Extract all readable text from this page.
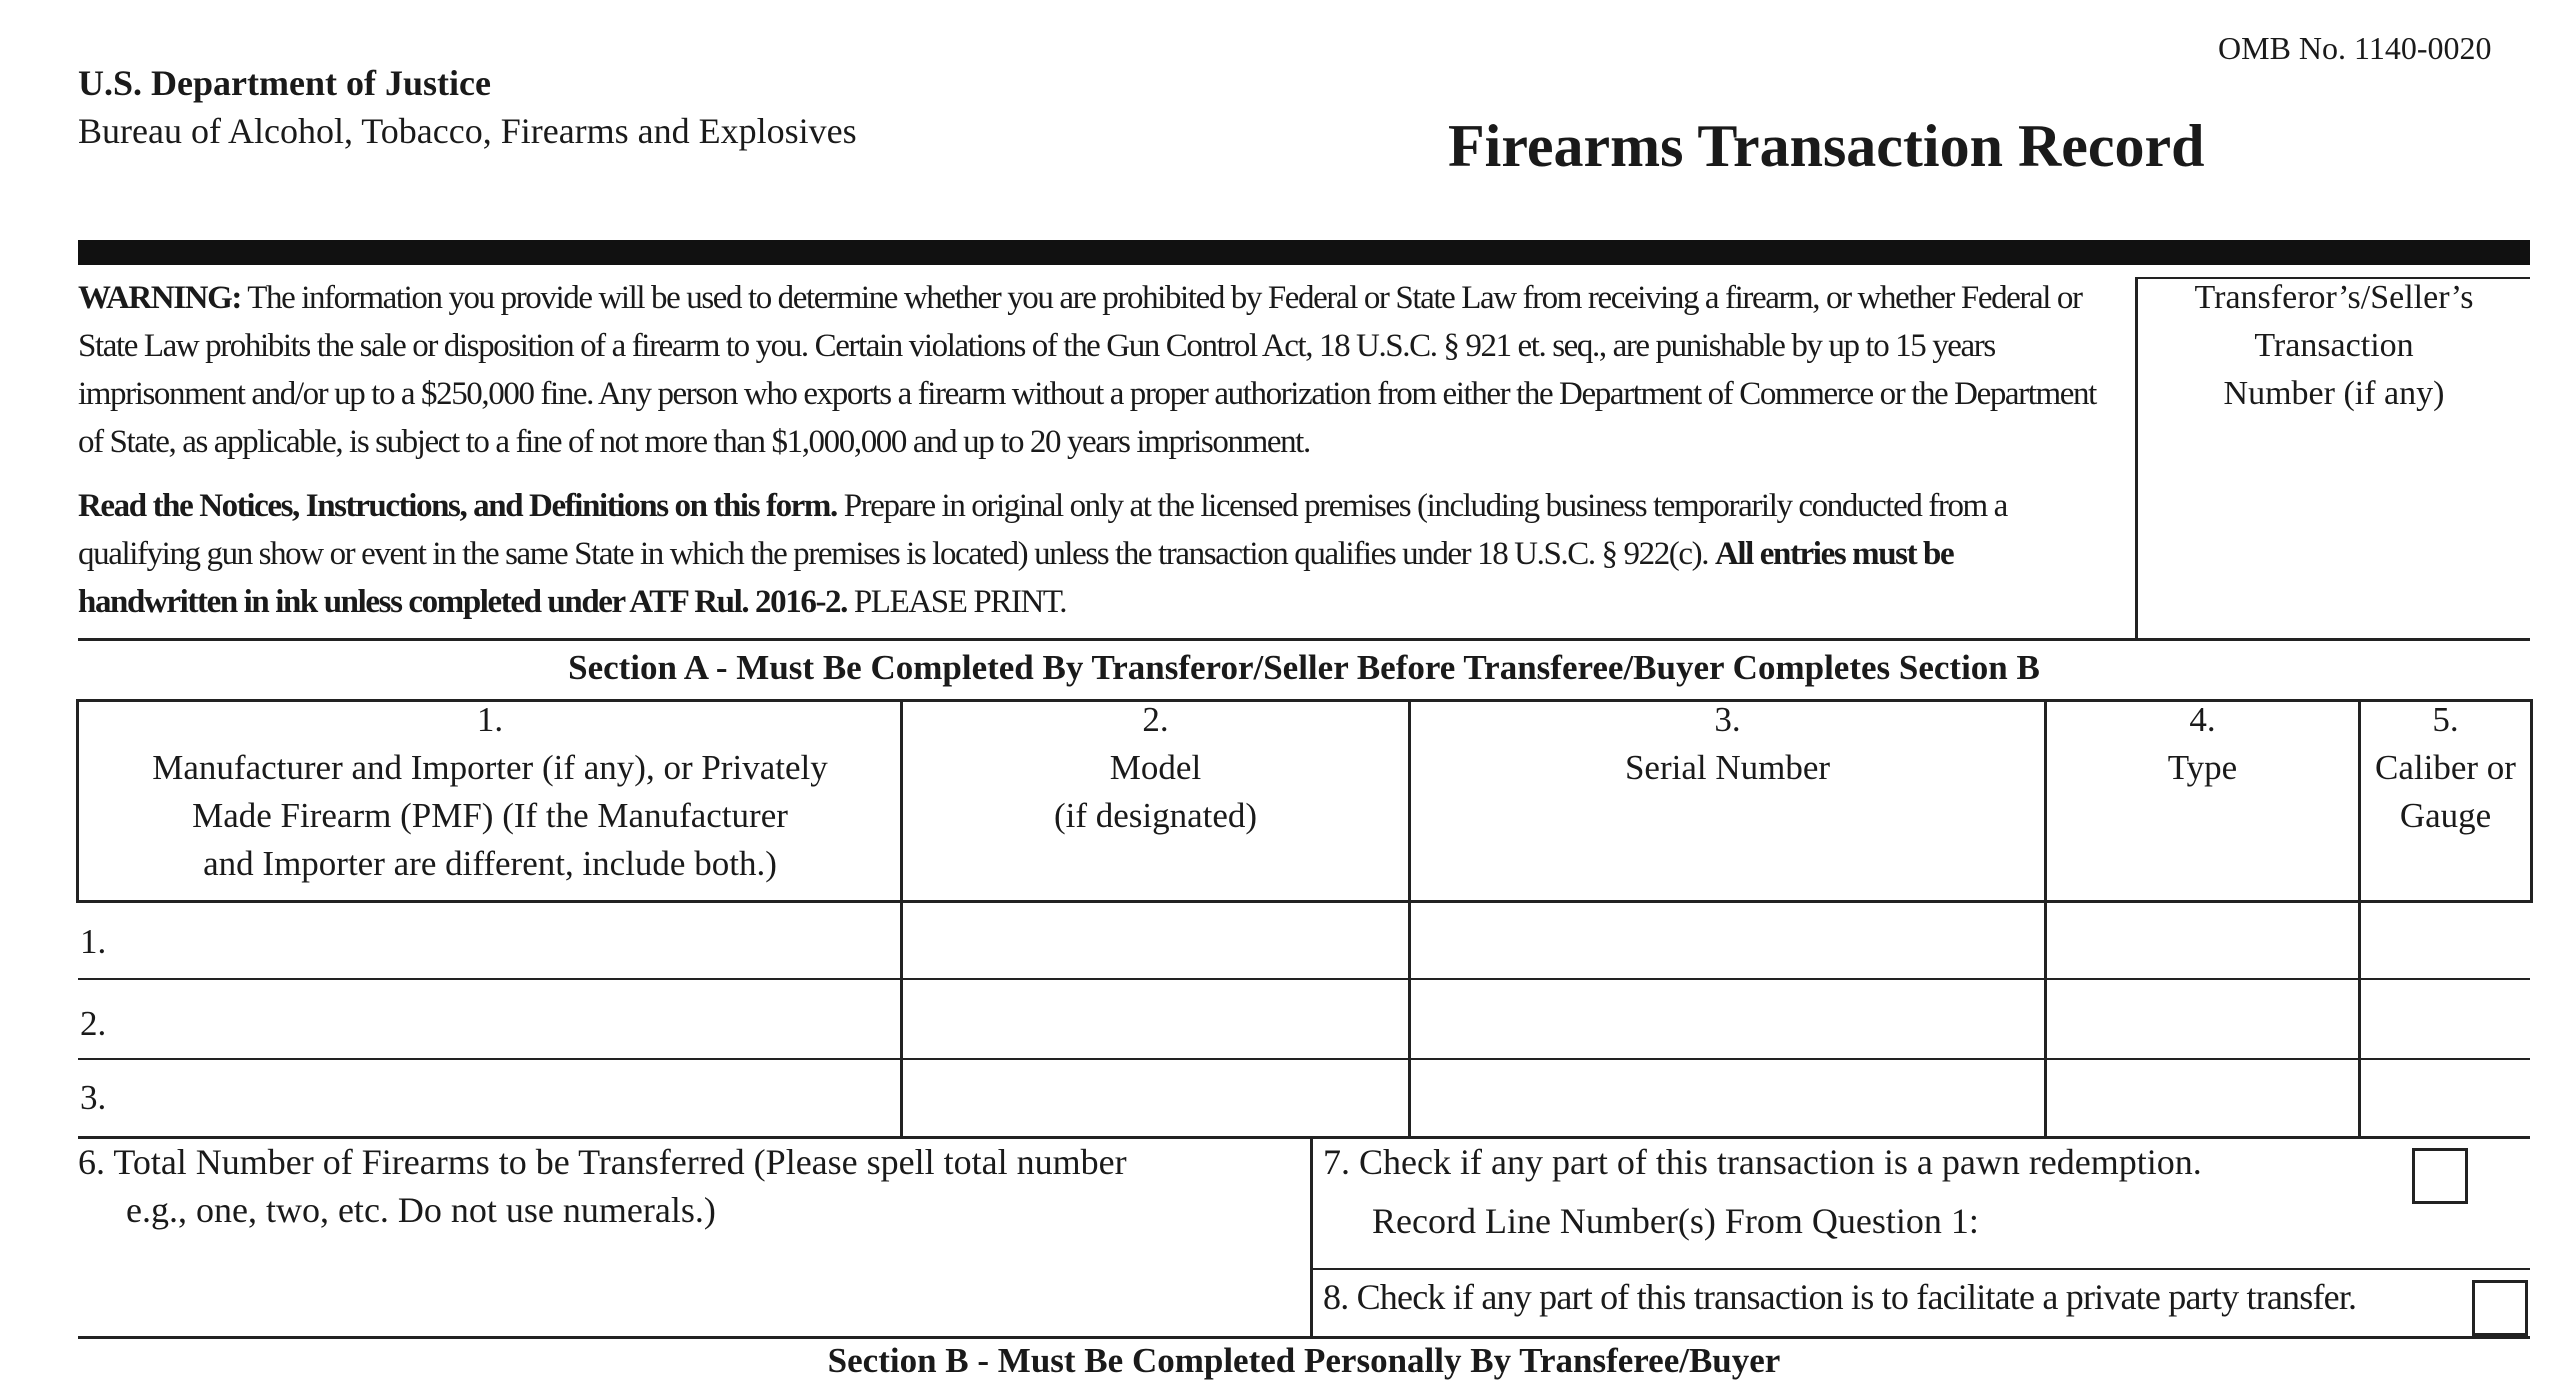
U.S. Department of Justice
Bureau of Alcohol, Tobacco, Firearms and Explosives
OMB No. 1140-0020
Firearms Transaction Record

WARNING: The information you provide will be used to determine whether you are prohibited by Federal or State Law from receiving a firearm, or whether Federal or State Law prohibits the sale or disposition of a firearm to you. Certain violations of the Gun Control Act, 18 U.S.C. § 921 et. seq., are punishable by up to 15 years imprisonment and/or up to a $250,000 fine. Any person who exports a firearm without a proper authorization from either the Department of Commerce or the Department of State, as applicable, is subject to a fine of not more than $1,000,000 and up to 20 years imprisonment.

Read the Notices, Instructions, and Definitions on this form. Prepare in original only at the licensed premises (including business temporarily conducted from a qualifying gun show or event in the same State in which the premises is located) unless the transaction qualifies under 18 U.S.C. § 922(c). All entries must be handwritten in ink unless completed under ATF Rul. 2016-2. PLEASE PRINT.

Transferor’s/Seller’s
Transaction
Number (if any)
Section A - Must Be Completed By Transferor/Seller Before Transferee/Buyer Completes Section B
1.
Manufacturer and Importer (if any), or Privately
Made Firearm (PMF) (If the Manufacturer
and Importer are different, include both.)
2.
Model
(if designated)
3.
Serial Number
4.
Type
5.
Caliber or
Gauge
1.
2.
3.
6. Total Number of Firearms to be Transferred (Please spell total number
e.g., one, two, etc. Do not use numerals.)
7. Check if any part of this transaction is a pawn redemption.
Record Line Number(s) From Question 1:
8. Check if any part of this transaction is to facilitate a private party transfer.
Section B - Must Be Completed Personally By Transferee/Buyer
